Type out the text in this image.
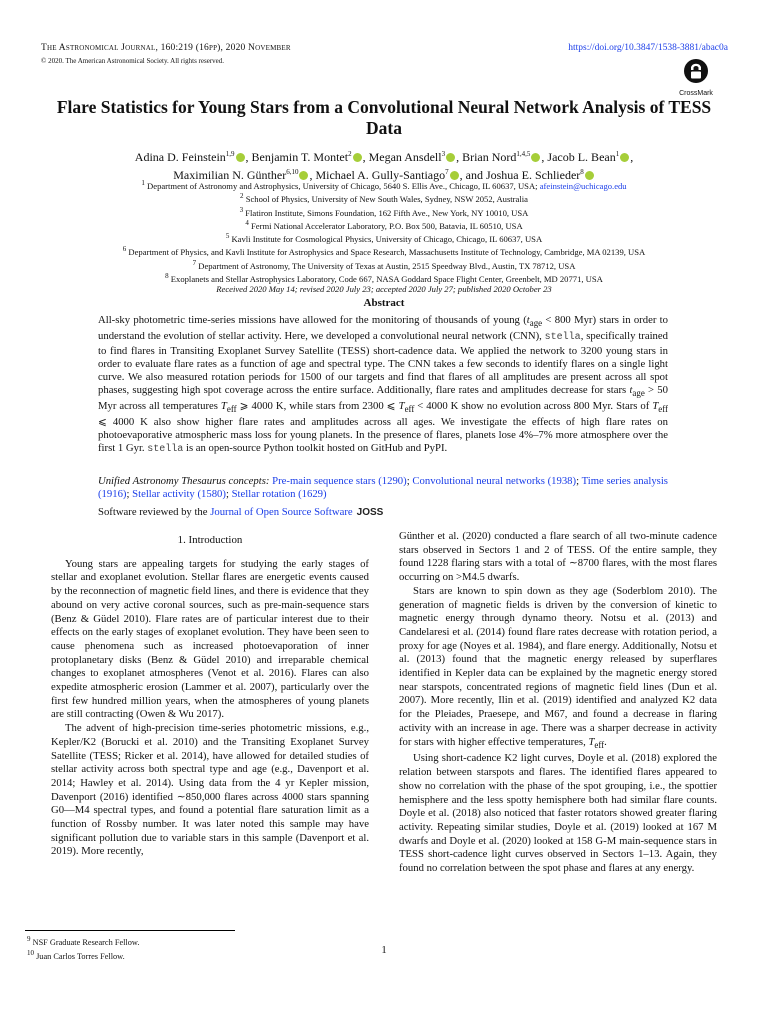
The Astronomical Journal, 160:219 (16pp), 2020 November
© 2020. The American Astronomical Society. All rights reserved.
https://doi.org/10.3847/1538-3881/abac0a
CrossMark
Flare Statistics for Young Stars from a Convolutional Neural Network Analysis of TESS Data
Adina D. Feinstein$^{1,9}$ , Benjamin T. Montet$^2$ , Megan Ansdell$^3$ , Brian Nord$^{1,4,5}$ , Jacob L. Bean$^1$ ,
Maximilian N. Günther$^{6,10}$ , Michael A. Gully-Santiago$^7$ , and Joshua E. Schlieder$^8$
$^1$ Department of Astronomy and Astrophysics, University of Chicago, 5640 S. Ellis Ave., Chicago, IL 60637, USA; afeinstein@uchicago.edu
$^2$ School of Physics, University of New South Wales, Sydney, NSW 2052, Australia
$^3$ Flatiron Institute, Simons Foundation, 162 Fifth Ave., New York, NY 10010, USA
$^4$ Fermi National Accelerator Laboratory, P.O. Box 500, Batavia, IL 60510, USA
$^5$ Kavli Institute for Cosmological Physics, University of Chicago, Chicago, IL 60637, USA
$^6$ Department of Physics, and Kavli Institute for Astrophysics and Space Research, Massachusetts Institute of Technology, Cambridge, MA 02139, USA
$^7$ Department of Astronomy, The University of Texas at Austin, 2515 Speedway Blvd., Austin, TX 78712, USA
$^8$ Exoplanets and Stellar Astrophysics Laboratory, Code 667, NASA Goddard Space Flight Center, Greenbelt, MD 20771, USA
Received 2020 May 14; revised 2020 July 23; accepted 2020 July 27; published 2020 October 23
Abstract
All-sky photometric time-series missions have allowed for the monitoring of thousands of young ($t_{age} < 800$ Myr) stars in order to understand the evolution of stellar activity. Here, we developed a convolutional neural network (CNN), stella, specifically trained to find flares in Transiting Exoplanet Survey Satellite (TESS) short-cadence data. We applied the network to 3200 young stars in order to evaluate flare rates as a function of age and spectral type. The CNN takes a few seconds to identify flares on a single light curve. We also measured rotation periods for 1500 of our targets and find that flares of all amplitudes are present across all spot phases, suggesting high spot coverage across the entire surface. Additionally, flare rates and amplitudes decrease for stars $t_{age} > 50$ Myr across all temperatures $T_{eff}$ ⩾ 4000 K, while stars from 2300 ⩽ $T_{eff} < 4000$ K show no evolution across 800 Myr. Stars of $T_{eff}$ ⩽ 4000 K also show higher flare rates and amplitudes across all ages. We investigate the effects of high flare rates on photoevaporative atmospheric mass loss for young planets. In the presence of flares, planets lose 4%–7% more atmosphere over the first 1 Gyr. stella is an open-source Python toolkit hosted on GitHub and PyPI.
Unified Astronomy Thesaurus concepts: Pre-main sequence stars (1290); Convolutional neural networks (1938); Time series analysis (1916); Stellar activity (1580); Stellar rotation (1629)
Software reviewed by the Journal of Open Source Software JOSS
1. Introduction

Young stars are appealing targets for studying the early stages of stellar and exoplanet evolution. Stellar flares are energetic events caused by the reconnection of magnetic field lines, and there is evidence that they abound on very active coronal sources, such as pre-main-sequence stars (Benz & Güdel 2010). Flare rates are of particular interest due to their effects on the early stages of exoplanet evolution. They have been seen to cause phenomena such as increased photoevaporation of inner protoplanetary disks (Benz & Güdel 2010) and irreparable chemical changes to exoplanet atmospheres (Venot et al. 2016). Flares can also expedite atmospheric erosion (Lammer et al. 2007), particularly over the first few hundred million years, when the atmospheres of young planets are still contracting (Owen & Wu 2017).

The advent of high-precision time-series photometric missions, e.g., Kepler/K2 (Borucki et al. 2010) and the Transiting Exoplanet Survey Satellite (TESS; Ricker et al. 2014), have allowed for detailed studies of stellar activity across both spectral type and age (e.g., Davenport et al. 2014; Hawley et al. 2014). Using data from the 4 yr Kepler mission, Davenport (2016) identified ∼850,000 flares across 4000 stars spanning G0—M4 spectral types, and found a potential flare saturation limit as a function of Rossby number. It was later noted this sample may have significant pollution due to variable stars in this sample (Davenport et al. 2019). More recently,

Günther et al. (2020) conducted a flare search of all two-minute cadence stars observed in Sectors 1 and 2 of TESS. Of the entire sample, they found 1228 flaring stars with a total of ∼8700 flares, with the most flares occurring on >M4.5 dwarfs.

Stars are known to spin down as they age (Soderblom 2010). The generation of magnetic fields is driven by the conversion of kinetic to magnetic energy through dynamo theory. Notsu et al. (2013) and Candelaresi et al. (2014) found flare rates decrease with rotation period, a proxy for age (Noyes et al. 1984), and flare energy. Additionally, Notsu et al. (2013) found that the magnetic energy released by superflares identified in Kepler data can be explained by the magnetic energy stored near starspots, concentrated regions of magnetic field lines (Dun et al. 2007). More recently, Ilin et al. (2019) identified and analyzed K2 data for the Pleiades, Praesepe, and M67, and found a decrease in flaring activity with an increase in age. There was a sharper decrease in activity for stars with higher effective temperatures, $T_{eff}$.

Using short-cadence K2 light curves, Doyle et al. (2018) explored the relation between starspots and flares. The identified flares appeared to show no correlation with the phase of the spot grouping, i.e., the spottier hemisphere and the less spotty hemisphere both had similar flare counts. Doyle et al. (2018) also noticed that faster rotators showed greater flaring activity. Repeating similar studies, Doyle et al. (2019) looked at 167 M dwarfs and Doyle et al. (2020) looked at 158 G-M main-sequence stars in TESS short-cadence light curves observed in Sectors 1–13. Again, they found no correlation between the spot phase and flares at any energy.

$^9$ NSF Graduate Research Fellow.
$^{10}$ Juan Carlos Torres Fellow.
1
